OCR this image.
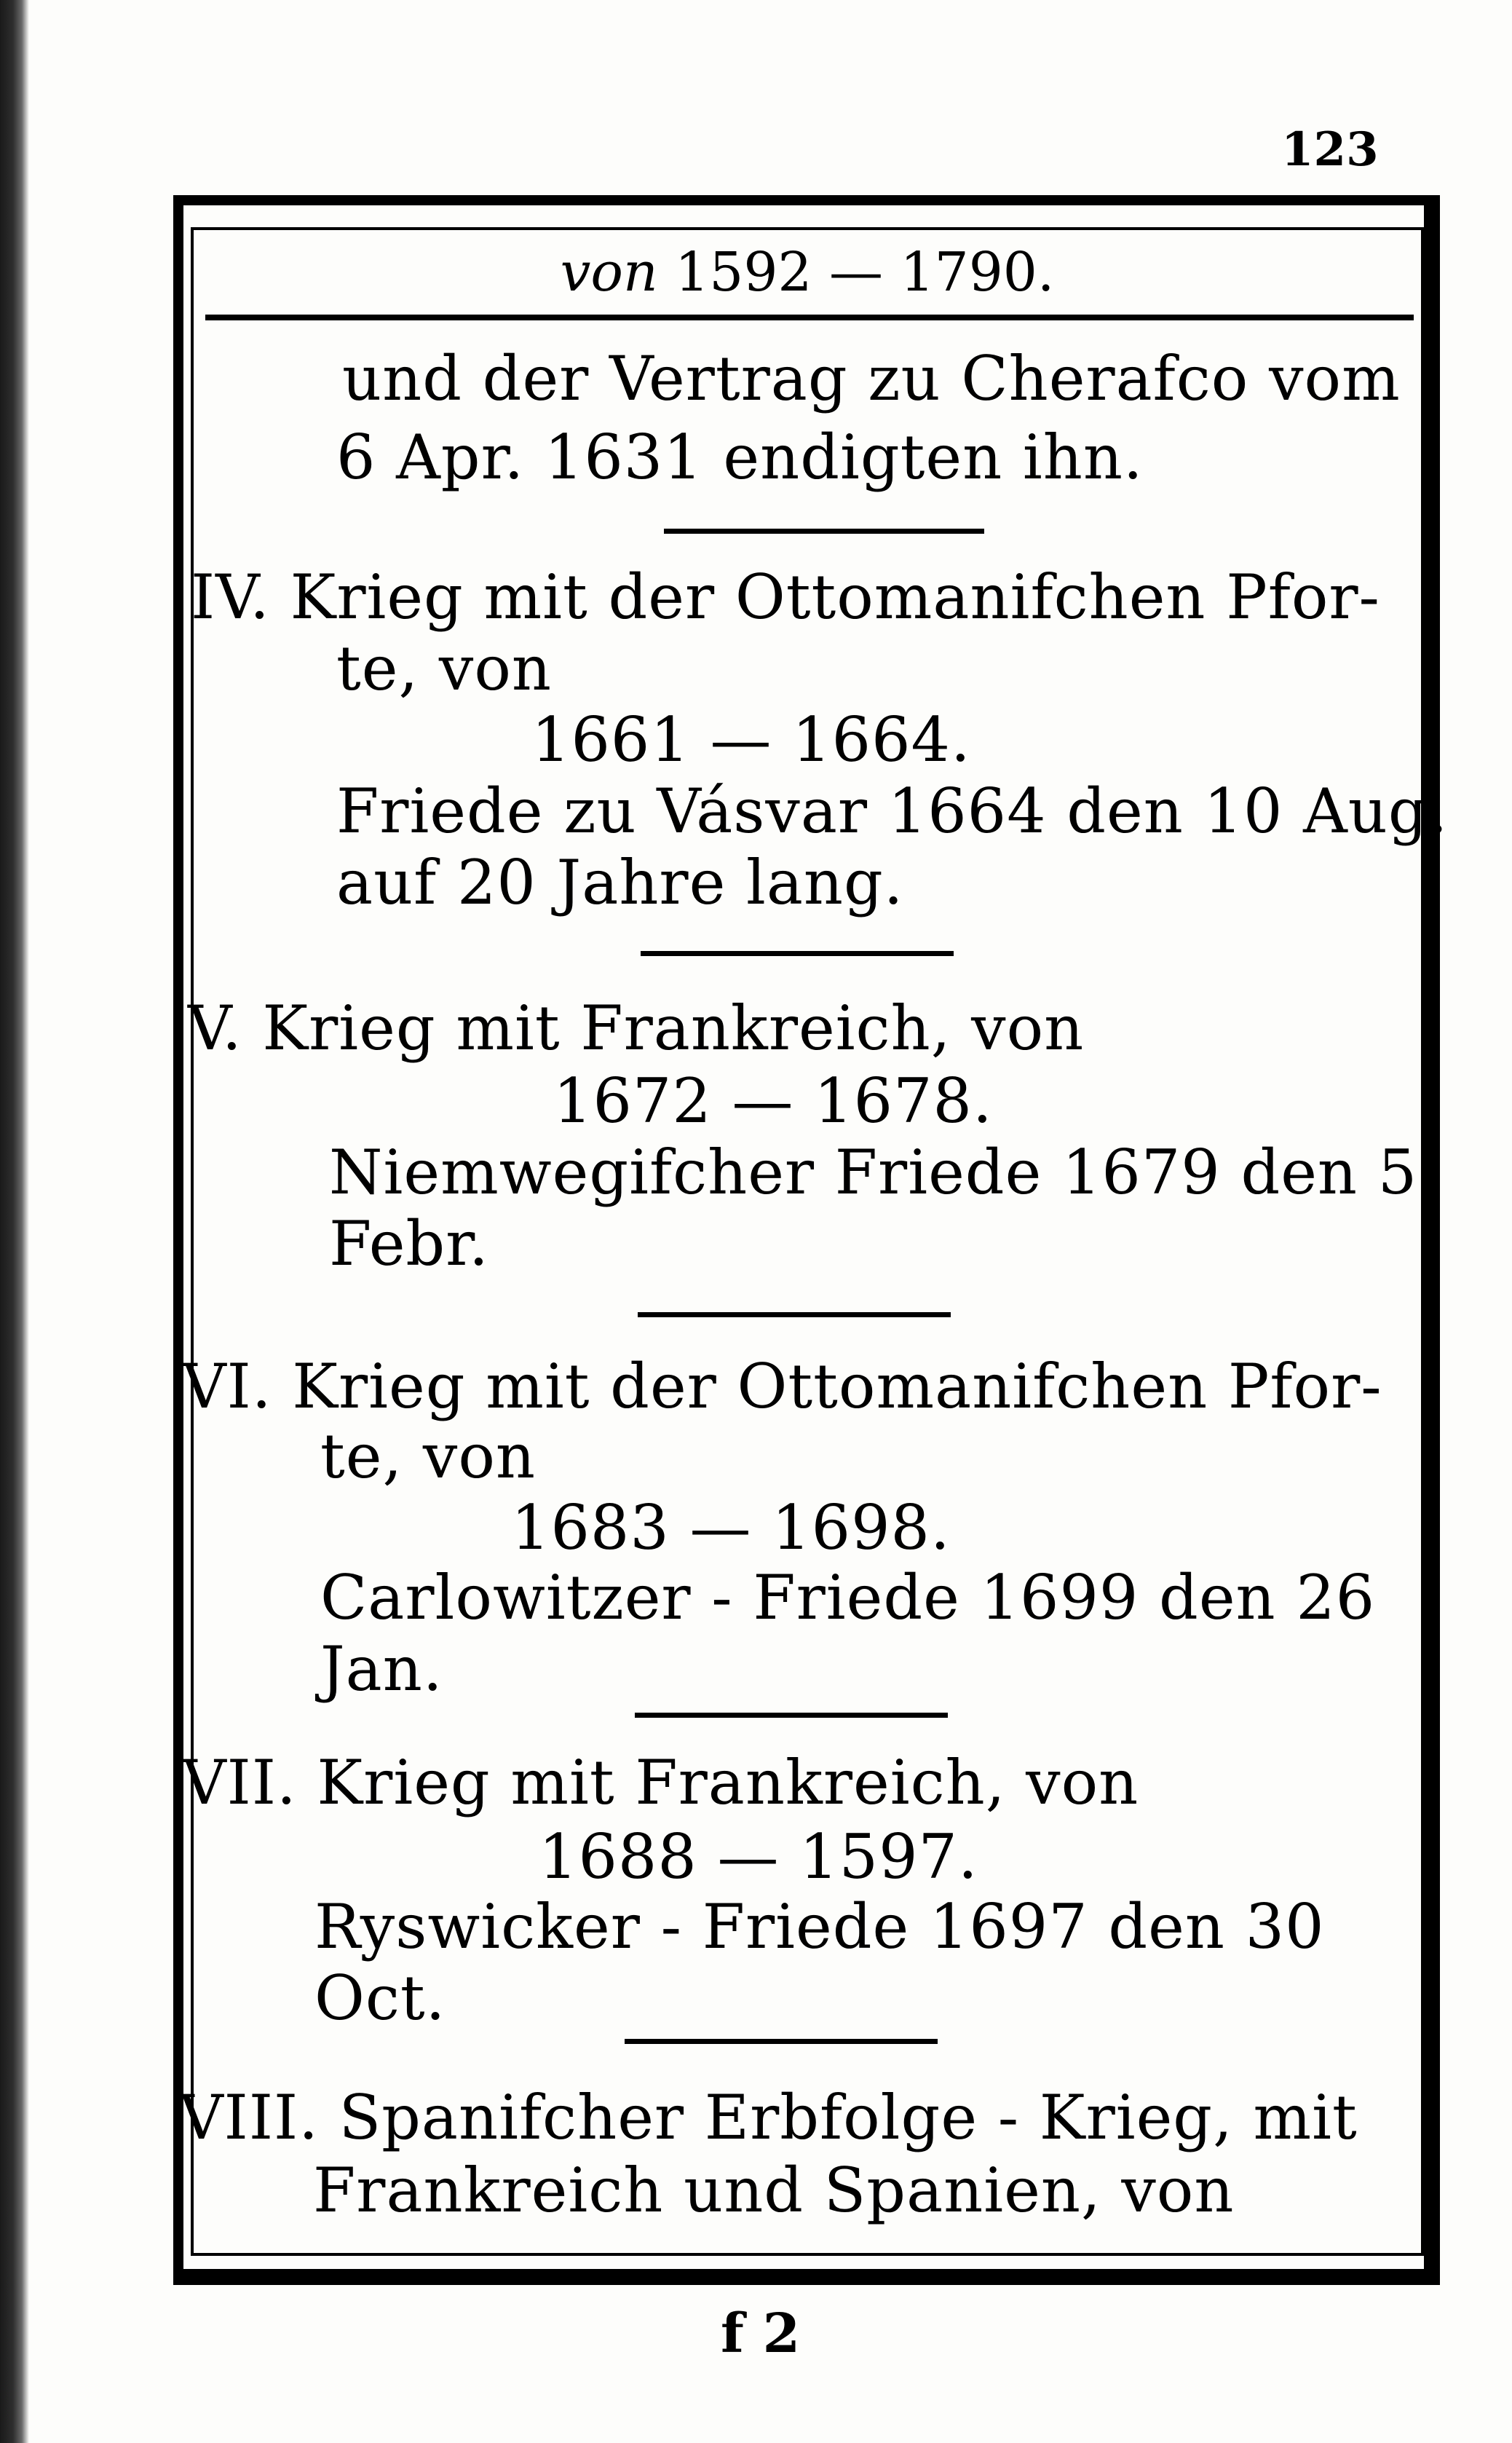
123
von 1592 — 1790.
und der Vertrag zu Cherafco vom
6 Apr. 1631 endigten ihn.
IV. Krieg mit der Ottomanifchen Pfor-
te, von
1661 — 1664.
Friede zu Vásvar 1664 den 10 Aug.
auf 20 Jahre lang.
V. Krieg mit Frankreich, von
1672 — 1678.
Niemwegifcher Friede 1679 den 5
Febr.
VI. Krieg mit der Ottomanifchen Pfor-
te, von
1683 — 1698.
Carlowitzer - Friede 1699 den 26
Jan.
VII. Krieg mit Frankreich, von
1688 — 1597.
Ryswicker - Friede 1697 den 30
Oct.
VIII. Spanifcher Erbfolge - Krieg, mit
Frankreich und Spanien, von
f 2
